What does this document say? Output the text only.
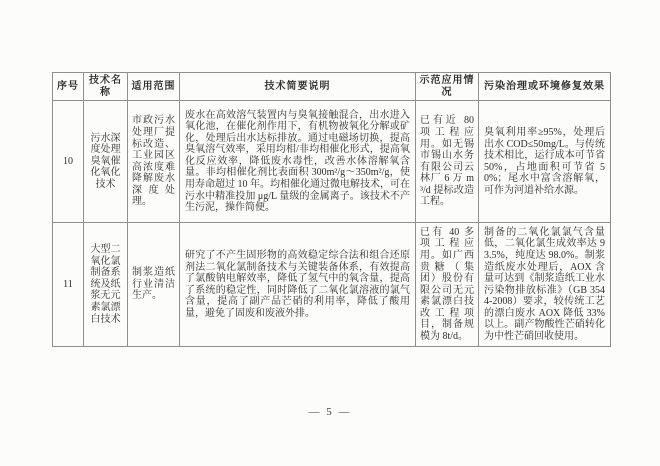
序号	技术名称	适用范围	技术简要说明	示范应用情况	污染治理或环境修复效果
10	污水深度处理臭氧催化氧化技术	市政污水处理厂提标改造、工业园区高浓度难降解废水深度处理。	废水在高效溶气装置内与臭氧接触混合，出水进入氧化池，在催化剂作用下，有机物被氧化分解或矿化，处理后出水达标排放。通过电磁场切换，提高臭氧溶气效率，采用均相/非均相催化形式，提高氧化反应效率，降低废水毒性，改善水体溶解氧含量。非均相催化剂比表面积 300m²/g～350m²/g，使用寿命超过 10 年。均相催化通过微电解技术，可在污水中精准投加 μg/L 量级的金属离子。该技术不产生污泥，操作简便。	已有近 80 项工程应用。如无锡市锡山水务有限公司云林厂 6 万 m³/d 提标改造工程。	臭氧利用率≥95%，处理后出水 COD≤50mg/L。与传统技术相比，运行成本可节省 50%，占地面积可节省 50%；尾水中富含溶解氧，可作为河道补给水源。
11	大型二氧化氯制备系统及纸浆无元素氯漂白技术	制浆造纸行业清洁生产。	研究了不产生固形物的高效稳定综合法和组合还原剂法二氧化氯制备技术与关键装备体系，有效提高了氯酸钠电解效率，降低了氢气中的氧含量，提高了系统的稳定性，同时降低了二氧化氯溶液的氯气含量，提高了副产品芒硝的利用率，降低了酸用量，避免了固废和废液外排。	已有 40 多项工程应用。如广西贵糖（集团）股份有限公司无元素氯漂白技改工程项目，制备规模为 8t/d。	制备的二氧化氯氯气含量低，二氧化氯生成效率达 93.5%，纯度达 98.0%。制浆造纸废水处理后，AOX 含量可达到《制浆造纸工业水污染物排放标准》（GB 3544-2008）要求，较传统工艺的漂白废水 AOX 降低 33%以上。副产物酸性芒硝转化为中性芒硝回收使用。
— 5 —
